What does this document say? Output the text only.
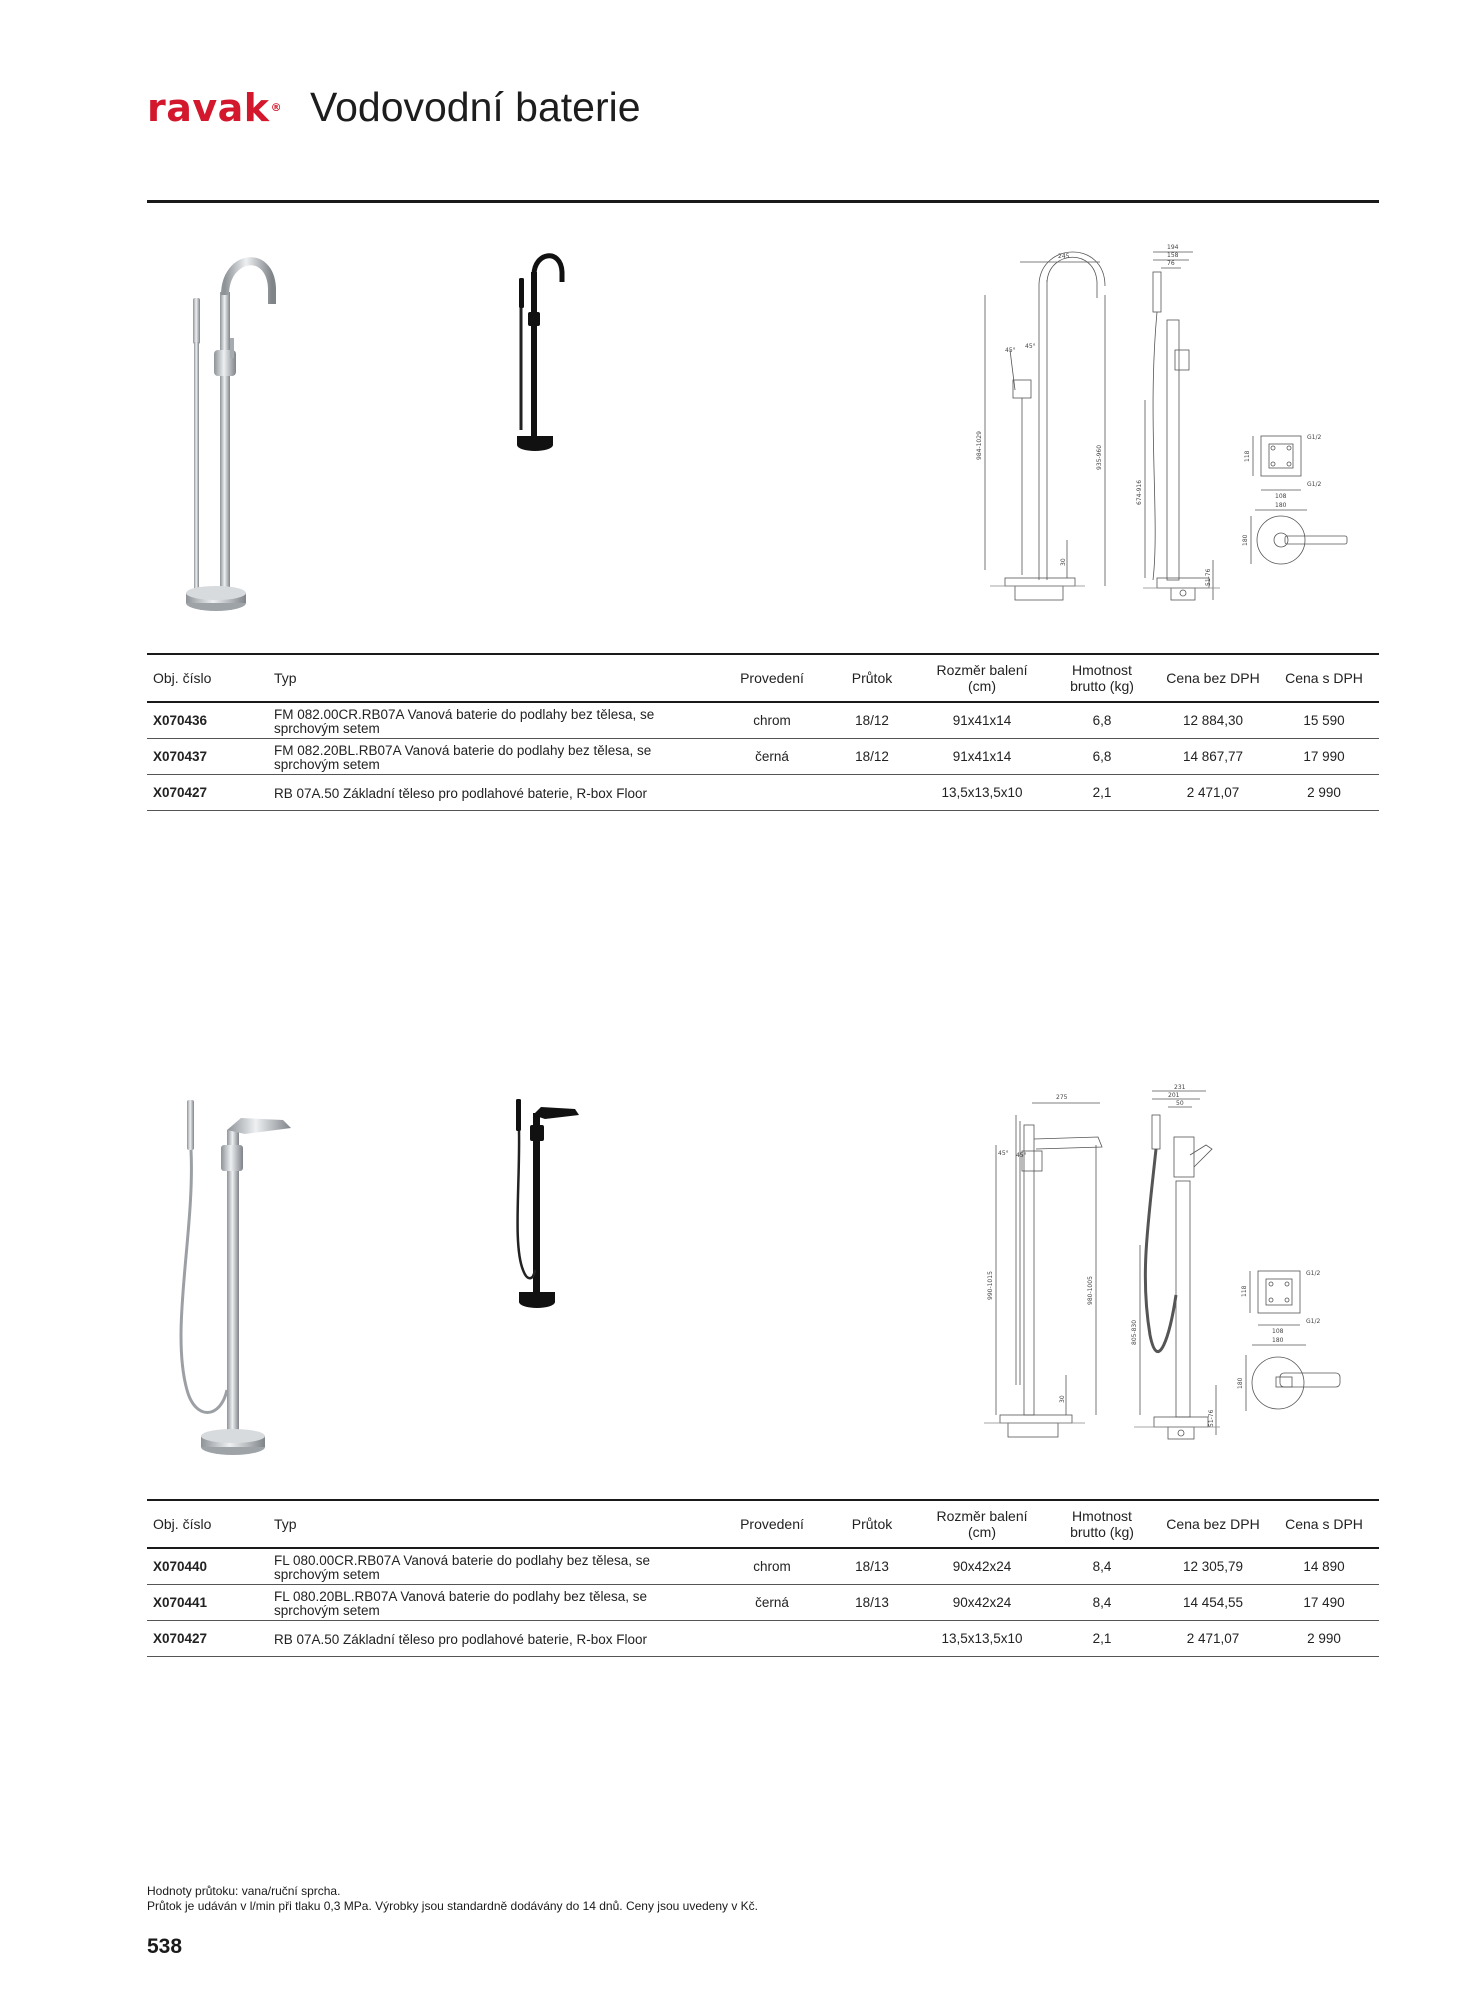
ravak® Vodovodní baterie
245
194
158
76
45°
45°
984-1029	935-960
674-916
30
51-76
G1/2
G1/2
118
108
180
180
Obj. číslo	Typ	Provedení	Průtok	Rozměr balení (cm)	Hmotnost
brutto (kg)	Cena bez DPH	Cena s DPH
X070436	FM 082.00CR.RB07A Vanová baterie do podlahy bez tělesa, se sprchovým setem	chrom	18/12	91x41x14	6,8	12 884,30	15 590
X070437	FM 082.20BL.RB07A Vanová baterie do podlahy bez tělesa, se sprchovým setem	černá	18/12	91x41x14	6,8	14 867,77	17 990
X070427	RB 07A.50 Základní těleso pro podlahové baterie, R-box Floor			13,5x13,5x10	2,1	2 471,07	2 990
275
231
201
50
45° 45°
990-1015	980-1005
805-830
30
51-76
G1/2
G1/2
118
108
180
180
Obj. číslo	Typ	Provedení	Průtok	Rozměr balení (cm)	Hmotnost
brutto (kg)	Cena bez DPH	Cena s DPH
X070440	FL 080.00CR.RB07A Vanová baterie do podlahy bez tělesa, se sprchovým setem	chrom	18/13	90x42x24	8,4	12 305,79	14 890
X070441	FL 080.20BL.RB07A Vanová baterie do podlahy bez tělesa, se sprchovým setem	černá	18/13	90x42x24	8,4	14 454,55	17 490
X070427	RB 07A.50 Základní těleso pro podlahové baterie, R-box Floor			13,5x13,5x10	2,1	2 471,07	2 990
Hodnoty průtoku: vana/ruční sprcha.
Průtok je udáván v l/min při tlaku 0,3 MPa. Výrobky jsou standardně dodávány do 14 dnů. Ceny jsou uvedeny v Kč.
538
